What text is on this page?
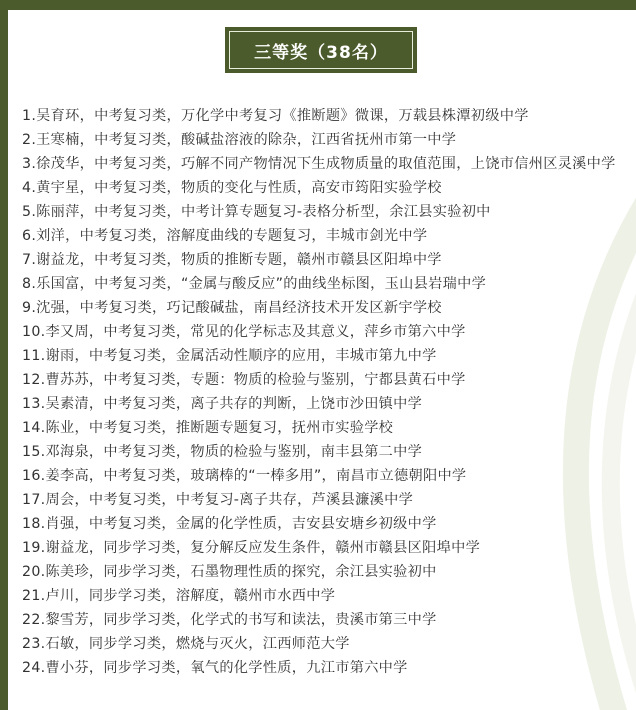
三等奖（38名）
1.吴育环，中考复习类，万化学中考复习《推断题》微课，万载县株潭初级中学
2.王寒楠，中考复习类，酸碱盐溶液的除杂，江西省抚州市第一中学
3.徐茂华，中考复习类，巧解不同产物情况下生成物质量的取值范围，上饶市信州区灵溪中学
4.黄宇星，中考复习类，物质的变化与性质，高安市筠阳实验学校
5.陈丽萍，中考复习类，中考计算专题复习-表格分析型，余江县实验初中
6.刘洋，中考复习类，溶解度曲线的专题复习，丰城市剑光中学
7.谢益龙，中考复习类，物质的推断专题，赣州市赣县区阳埠中学
8.乐国富，中考复习类，“金属与酸反应”的曲线坐标图，玉山县岩瑞中学
9.沈强，中考复习类，巧记酸碱盐，南昌经济技术开发区新宇学校
10.李又周，中考复习类，常见的化学标志及其意义，萍乡市第六中学
11.谢雨，中考复习类，金属活动性顺序的应用，丰城市第九中学
12.曹苏苏，中考复习类，专题：物质的检验与鉴别，宁都县黄石中学
13.吴素清，中考复习类，离子共存的判断，上饶市沙田镇中学
14.陈业，中考复习类，推断题专题复习，抚州市实验学校
15.邓海泉，中考复习类，物质的检验与鉴别，南丰县第二中学
16.姜李高，中考复习类，玻璃棒的“一棒多用”，南昌市立德朝阳中学
17.周会，中考复习类，中考复习-离子共存，芦溪县濂溪中学
18.肖强，中考复习类，金属的化学性质，吉安县安塘乡初级中学
19.谢益龙，同步学习类，复分解反应发生条件，赣州市赣县区阳埠中学
20.陈美珍，同步学习类，石墨物理性质的探究，余江县实验初中
21.卢川，同步学习类，溶解度，赣州市水西中学
22.黎雪芳，同步学习类，化学式的书写和读法，贵溪市第三中学
23.石敏，同步学习类，燃烧与灭火，江西师范大学
24.曹小芬，同步学习类，氧气的化学性质，九江市第六中学
